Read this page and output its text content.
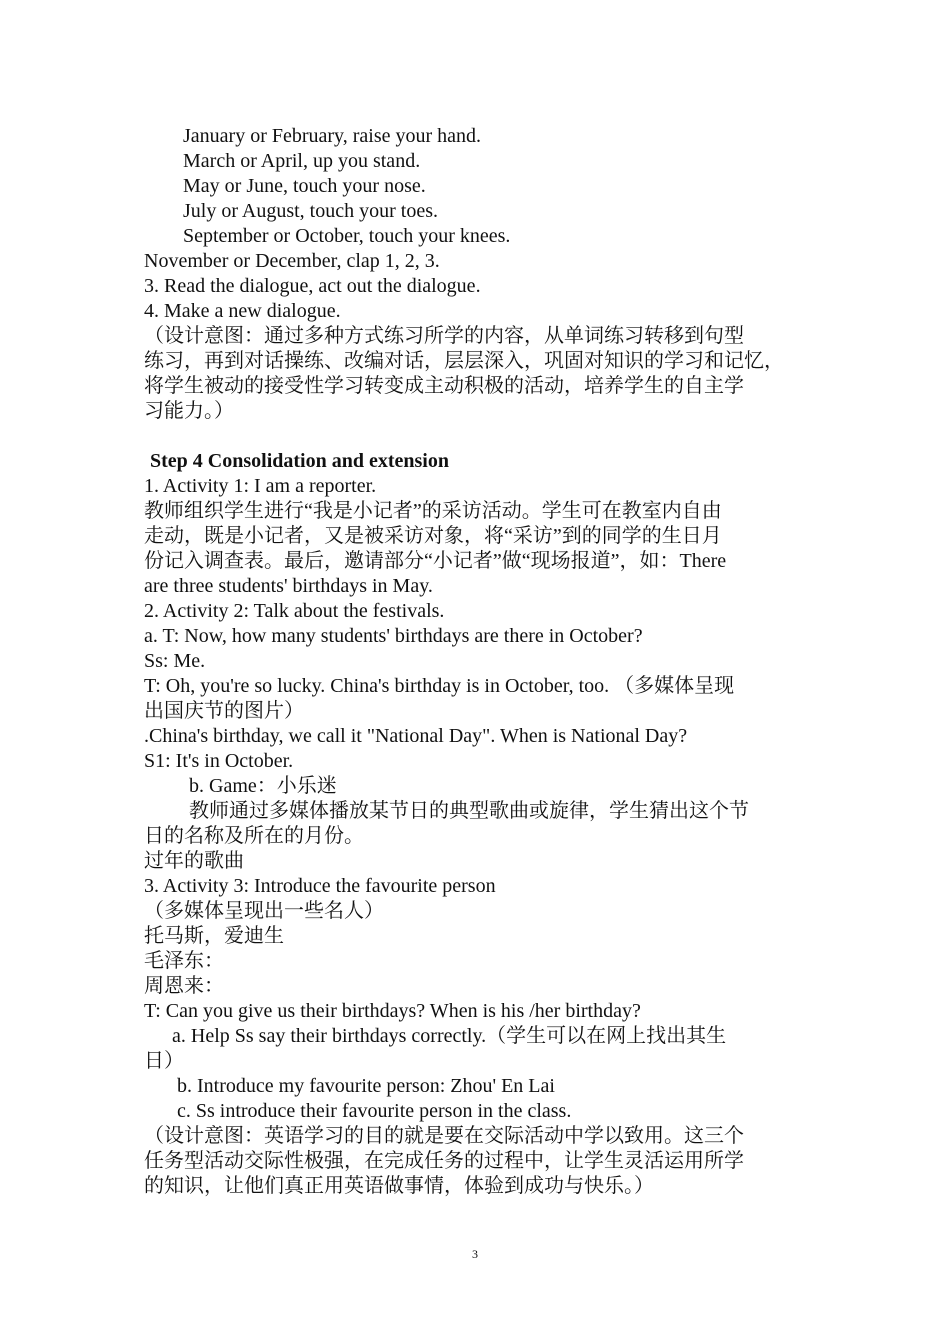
January or February, raise your hand.
March or April, up you stand.
May or June, touch your nose.
July or August, touch your toes.
September or October, touch your knees.
November or December, clap 1, 2, 3.
3. Read the dialogue, act out the dialogue.
4. Make a new dialogue.
（设计意图：通过多种方式练习所学的内容，从单词练习转移到句型
练习，再到对话操练、改编对话，层层深入，巩固对知识的学习和记忆，
将学生被动的接受性学习转变成主动积极的活动，培养学生的自主学
习能力。）
Step 4 Consolidation and extension
1. Activity 1: I am a reporter.
教师组织学生进行“我是小记者”的采访活动。学生可在教室内自由
走动，既是小记者，又是被采访对象，将“采访”到的同学的生日月
份记入调查表。最后，邀请部分“小记者”做“现场报道”，如：There
are three students' birthdays in May.
2. Activity 2: Talk about the festivals.
a. T: Now, how many students' birthdays are there in October?
Ss: Me.
T: Oh, you're so lucky. China's birthday is in October, too. （多媒体呈现
出国庆节的图片）
.China's birthday, we call it "National Day". When is National Day?
S1: It's in October.
b. Game：小乐迷
教师通过多媒体播放某节日的典型歌曲或旋律，学生猜出这个节
日的名称及所在的月份。
过年的歌曲
3. Activity 3: Introduce the favourite person
（多媒体呈现出一些名人）
托马斯，爱迪生
毛泽东：
周恩来：
T: Can you give us their birthdays? When is his /her birthday?
a. Help Ss say their birthdays correctly.（学生可以在网上找出其生
日）
b. Introduce my favourite person: Zhou' En Lai
c. Ss introduce their favourite person in the class.
（设计意图：英语学习的目的就是要在交际活动中学以致用。这三个
任务型活动交际性极强，在完成任务的过程中，让学生灵活运用所学
的知识，让他们真正用英语做事情，体验到成功与快乐。）
3
